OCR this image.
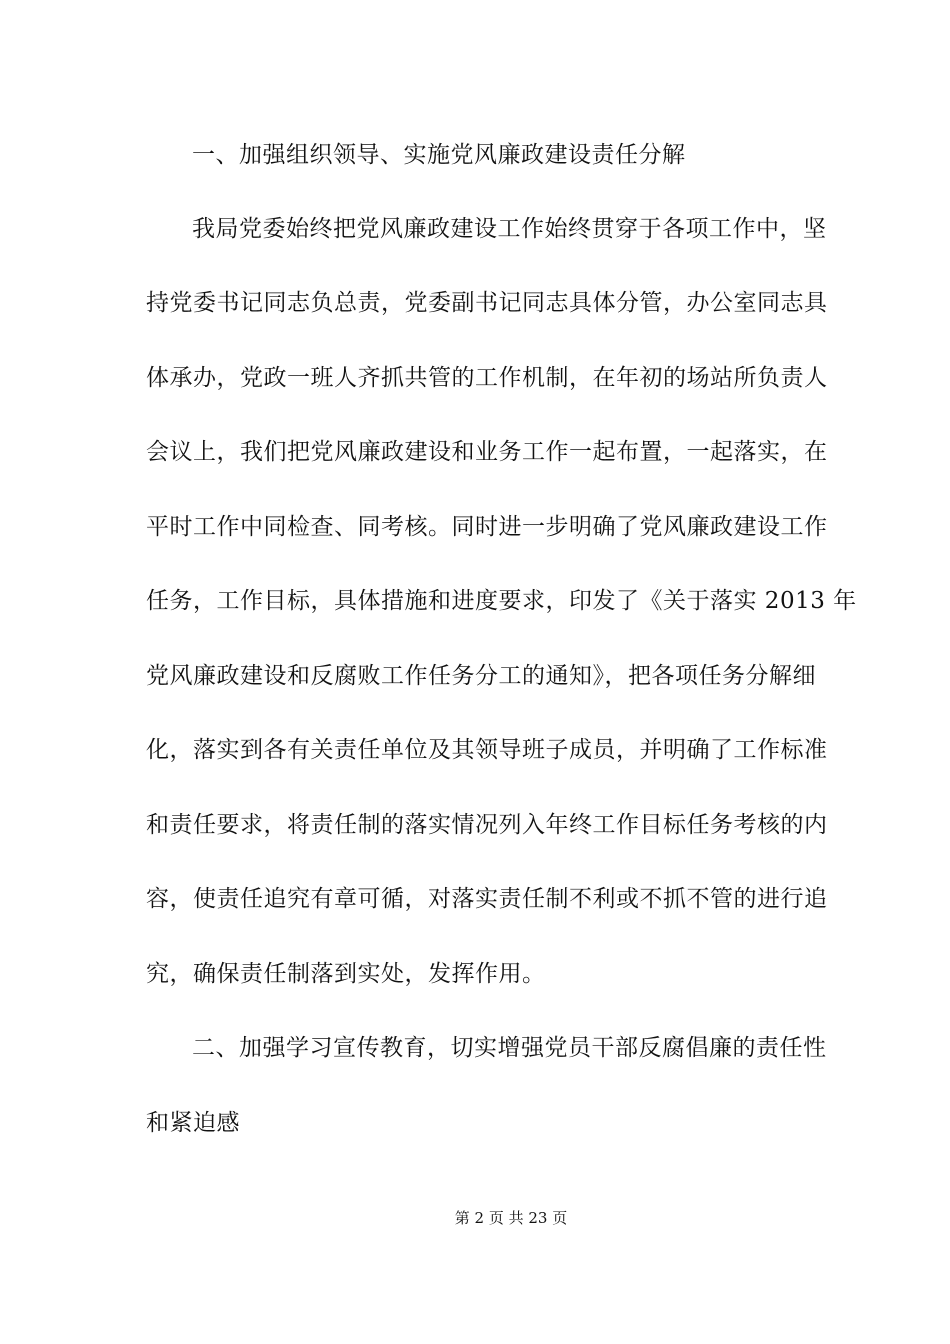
一、加强组织领导、实施党风廉政建设责任分解
我局党委始终把党风廉政建设工作始终贯穿于各项工作中，坚
持党委书记同志负总责，党委副书记同志具体分管，办公室同志具
体承办，党政一班人齐抓共管的工作机制，在年初的场站所负责人
会议上，我们把党风廉政建设和业务工作一起布置，一起落实，在
平时工作中同检查、同考核。同时进一步明确了党风廉政建设工作
任务，工作目标，具体措施和进度要求，印发了《关于落实 2013 年
党风廉政建设和反腐败工作任务分工的通知》，把各项任务分解细
化，落实到各有关责任单位及其领导班子成员，并明确了工作标准
和责任要求，将责任制的落实情况列入年终工作目标任务考核的内
容，使责任追究有章可循，对落实责任制不利或不抓不管的进行追
究，确保责任制落到实处，发挥作用。
二、加强学习宣传教育，切实增强党员干部反腐倡廉的责任性
和紧迫感
第 2 页 共 23 页
